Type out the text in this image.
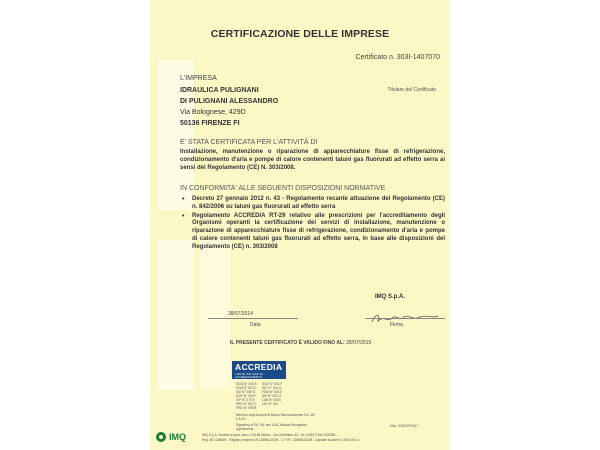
CERTIFICAZIONE DELLE IMPRESE
Certificato n. 303I-1407070
L'IMPRESA
Titolare del Certificato
IDRAULICA PULIGNANI
DI PULIGNANI ALESSANDRO
Via Bolognese, 429D
50136 FIRENZE FI
E' STATA CERTIFICATA PER L'ATTIVITÀ DI
Installazione, manutenzione o riparazione di apparecchiature fisse di refrigerazione, condizionamento d'aria e pompe di calore contenenti taluni gas fluorurati ad effetto serra ai sensi del Regolamento (CE) N. 303/2008.
IN CONFORMITA' ALLE SEGUENTI DISPOSIZIONI NORMATIVE
• Decreto 27 gennaio 2012 n. 43 - Regolamento recante attuazione del Regolamento (CE) n. 842/2006 su taluni gas fluorurati ad effetto serra
• Regolamento ACCREDIA RT-29 relativo alle prescrizioni per l'accreditamento degli Organismi operanti la certificazione dei servizi di installazione, manutenzione o riparazione di apparecchiature fisse di refrigerazione, condizionamento d'aria e pompe di calore contenenti taluni gas fluorurati ad effetto serra, in base alle disposizioni del Regolamento (CE) n. 303/2008
IMQ S.p.A.
28/07/2014
Data	Firma
IL PRESENTE CERTIFICATO È VALIDO FINO AL: 28/07/2019
ACCREDIA
L'ENTE ITALIANO DI ACCREDITAMENTO
SGQ N° 005 A
SGA N° 002 D
SSI N° 008 G
SCR N° 003 F
ISP N° 079 E
PRS N° 097 C
PRD N° 009 B
SGE N° 003 F
ISO N° 001 A
FSM N° 002 E
SSI N° 002 G
LAB N° 0033
LAT N° 019
Membro degli Accordi di Mutuo Riconoscimento EA, IAF e ILAC
Signatory of EA, IAF and ILAC Mutual Recognition Agreements
Mod. 3726CIP/2017
IMQ	IMQ S.p.A. Società a socio unico I 20138 Milano - Via Quintiliano 43 - tel. 02/5073 fax 02/5099...
Reg. MI 1235689 - Registro Imprese Mi 12898410159 - C.F./P.I. 12898410159 - Capitale sociale € 4.000.000 i.v.
